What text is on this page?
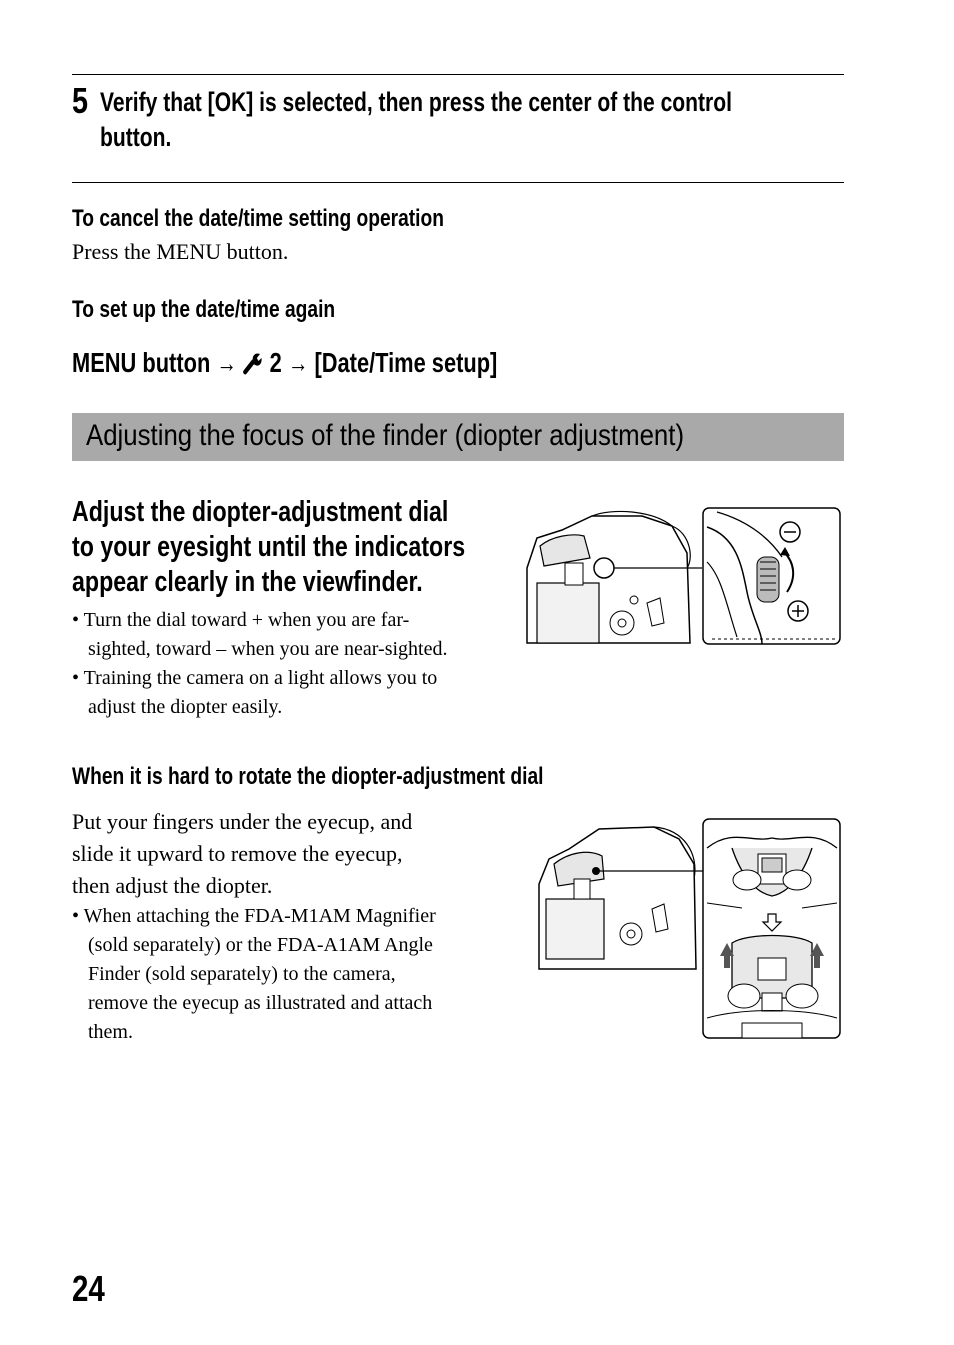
5 Verify that [OK] is selected, then press the center of the control
button.
To cancel the date/time setting operation
Press the MENU button.
To set up the date/time again
MENU button → 2 → [Date/Time setup]
Adjusting the focus of the finder (diopter adjustment)
Adjust the diopter-adjustment dial
to your eyesight until the indicators
appear clearly in the viewfinder.
• Turn the dial toward + when you are far-
sighted, toward – when you are near-sighted.
• Training the camera on a light allows you to
adjust the diopter easily.
When it is hard to rotate the diopter-adjustment dial
Put your fingers under the eyecup, and
slide it upward to remove the eyecup,
then adjust the diopter.
• When attaching the FDA-M1AM Magnifier
(sold separately) or the FDA-A1AM Angle
Finder (sold separately) to the camera,
remove the eyecup as illustrated and attach
them.
24
